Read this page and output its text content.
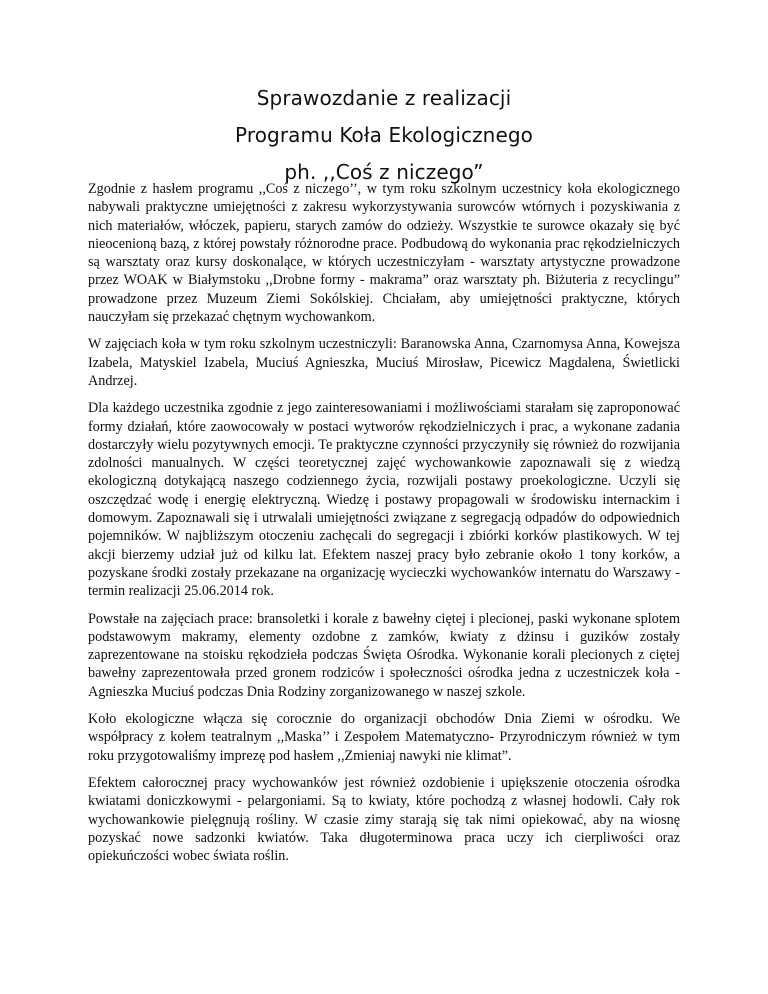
Sprawozdanie z realizacji
Programu Koła Ekologicznego
ph. ,,Coś z niczego”

Zgodnie z hasłem programu ,,Coś z niczego’’, w tym roku szkolnym uczestnicy koła ekologicznego nabywali praktyczne umiejętności z zakresu wykorzystywania surowców wtórnych i pozyskiwania z nich materiałów, włóczek, papieru, starych zamów do odzieży. Wszystkie te surowce okazały się być nieocenioną bazą, z której powstały różnorodne prace. Podbudową do wykonania prac rękodzielniczych są warsztaty oraz kursy doskonalące, w których uczestniczyłam - warsztaty artystyczne prowadzone przez WOAK w Białymstoku ,,Drobne formy - makrama” oraz warsztaty ph. Biżuteria z recyclingu” prowadzone przez Muzeum Ziemi Sokólskiej. Chciałam, aby umiejętności praktyczne, których nauczyłam się przekazać chętnym wychowankom.

W zajęciach koła w tym roku szkolnym uczestniczyli: Baranowska Anna, Czarnomysa Anna, Kowejsza Izabela, Matyskiel Izabela, Muciuś Agnieszka, Muciuś Mirosław, Picewicz Magdalena, Świetlicki Andrzej.

Dla każdego uczestnika zgodnie z jego zainteresowaniami i możliwościami starałam się zaproponować formy działań, które zaowocowały w postaci wytworów rękodzielniczych i prac, a wykonane zadania dostarczyły wielu pozytywnych emocji. Te praktyczne czynności przyczyniły się również do rozwijania zdolności manualnych. W części teoretycznej zajęć wychowankowie zapoznawali się z wiedzą ekologiczną dotykającą naszego codziennego życia, rozwijali postawy proekologiczne. Uczyli się oszczędzać wodę i energię elektryczną. Wiedzę i postawy propagowali w środowisku internackim i domowym. Zapoznawali się i utrwalali umiejętności związane z segregacją odpadów do odpowiednich pojemników. W najbliższym otoczeniu zachęcali do segregacji i zbiórki korków plastikowych. W tej akcji bierzemy udział już od kilku lat. Efektem naszej pracy było zebranie około 1 tony korków, a pozyskane środki zostały przekazane na organizację wycieczki wychowanków internatu do Warszawy - termin realizacji 25.06.2014 rok.

Powstałe na zajęciach prace: bransoletki i korale z bawełny ciętej i plecionej, paski wykonane splotem podstawowym makramy, elementy ozdobne z zamków, kwiaty z dżinsu i guzików zostały zaprezentowane na stoisku rękodzieła podczas Święta Ośrodka. Wykonanie korali plecionych z ciętej bawełny zaprezentowała przed gronem rodziców i społeczności ośrodka jedna z uczestniczek koła - Agnieszka Muciuś podczas Dnia Rodziny zorganizowanego w naszej szkole.

Koło ekologiczne włącza się corocznie do organizacji obchodów Dnia Ziemi w ośrodku. We współpracy z kołem teatralnym ,,Maska’’ i Zespołem Matematyczno- Przyrodniczym również w tym roku przygotowaliśmy imprezę pod hasłem ,,Zmieniaj nawyki nie klimat”.

Efektem całorocznej pracy wychowanków jest również ozdobienie i upiększenie otoczenia ośrodka kwiatami doniczkowymi - pelargoniami. Są to kwiaty, które pochodzą z własnej hodowli. Cały rok wychowankowie pielęgnują rośliny. W czasie zimy starają się tak nimi opiekować, aby na wiosnę pozyskać nowe sadzonki kwiatów. Taka długoterminowa praca uczy ich cierpliwości oraz opiekuńczości wobec świata roślin.
